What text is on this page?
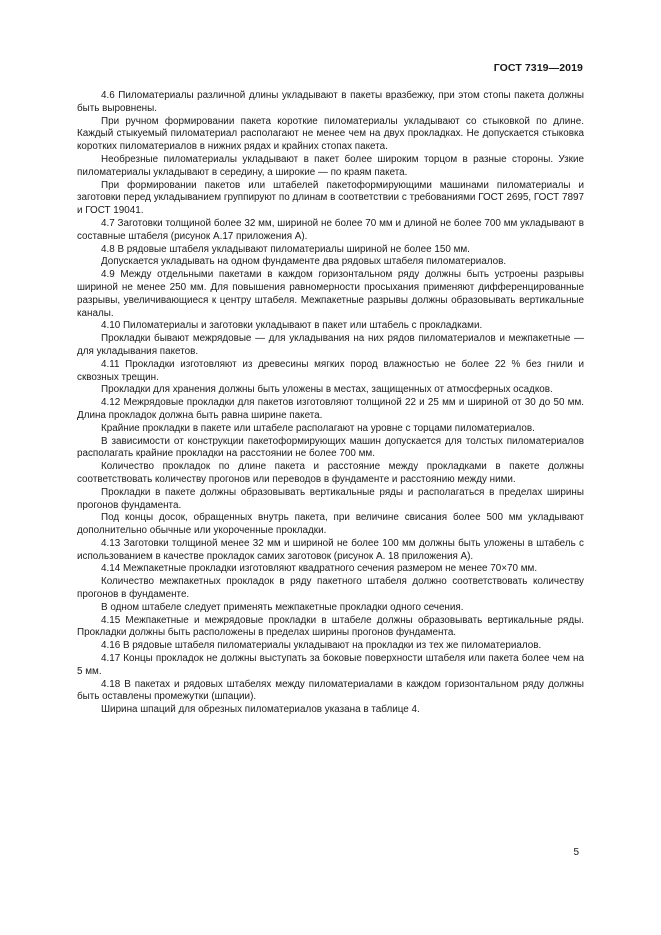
ГОСТ 7319—2019

4.6 Пиломатериалы различной длины укладывают в пакеты вразбежку, при этом стопы пакета должны быть выровнены.

При ручном формировании пакета короткие пиломатериалы укладывают со стыковкой по длине. Каждый стыкуемый пиломатериал располагают не менее чем на двух прокладках. Не допускается стыковка коротких пиломатериалов в нижних рядах и крайних стопах пакета.

Необрезные пиломатериалы укладывают в пакет более широким торцом в разные стороны. Узкие пиломатериалы укладывают в середину, а широкие — по краям пакета.

При формировании пакетов или штабелей пакетоформирующими машинами пиломатериалы и заготовки перед укладыванием группируют по длинам в соответствии с требованиями ГОСТ 2695, ГОСТ 7897 и ГОСТ 19041.

4.7 Заготовки толщиной более 32 мм, шириной не более 70 мм и длиной не более 700 мм укладывают в составные штабеля (рисунок А.17 приложения А).

4.8 В рядовые штабеля укладывают пиломатериалы шириной не более 150 мм.

Допускается укладывать на одном фундаменте два рядовых штабеля пиломатериалов.

4.9 Между отдельными пакетами в каждом горизонтальном ряду должны быть устроены разрывы шириной не менее 250 мм. Для повышения равномерности просыхания применяют дифференцированные разрывы, увеличивающиеся к центру штабеля. Межпакетные разрывы должны образовывать вертикальные каналы.

4.10 Пиломатериалы и заготовки укладывают в пакет или штабель с прокладками.

Прокладки бывают межрядовые — для укладывания на них рядов пиломатериалов и межпакетные — для укладывания пакетов.

4.11 Прокладки изготовляют из древесины мягких пород влажностью не более 22 % без гнили и сквозных трещин.

Прокладки для хранения должны быть уложены в местах, защищенных от атмосферных осадков.

4.12 Межрядовые прокладки для пакетов изготовляют толщиной 22 и 25 мм и шириной от 30 до 50 мм. Длина прокладок должна быть равна ширине пакета.

Крайние прокладки в пакете или штабеле располагают на уровне с торцами пиломатериалов.

В зависимости от конструкции пакетоформирующих машин допускается для толстых пиломатериалов располагать крайние прокладки на расстоянии не более 700 мм.

Количество прокладок по длине пакета и расстояние между прокладками в пакете должны соответствовать количеству прогонов или переводов в фундаменте и расстоянию между ними.

Прокладки в пакете должны образовывать вертикальные ряды и располагаться в пределах ширины прогонов фундамента.

Под концы досок, обращенных внутрь пакета, при величине свисания более 500 мм укладывают дополнительно обычные или укороченные прокладки.

4.13 Заготовки толщиной менее 32 мм и шириной не более 100 мм должны быть уложены в штабель с использованием в качестве прокладок самих заготовок (рисунок А. 18 приложения А).

4.14 Межпакетные прокладки изготовляют квадратного сечения размером не менее 70×70 мм.

Количество межпакетных прокладок в ряду пакетного штабеля должно соответствовать количеству прогонов в фундаменте.

В одном штабеле следует применять межпакетные прокладки одного сечения.

4.15 Межпакетные и межрядовые прокладки в штабеле должны образовывать вертикальные ряды. Прокладки должны быть расположены в пределах ширины прогонов фундамента.

4.16 В рядовые штабеля пиломатериалы укладывают на прокладки из тех же пиломатериалов.

4.17 Концы прокладок не должны выступать за боковые поверхности штабеля или пакета более чем на 5 мм.

4.18 В пакетах и рядовых штабелях между пиломатериалами в каждом горизонтальном ряду должны быть оставлены промежутки (шпации).

Ширина шпаций для обрезных пиломатериалов указана в таблице 4.

5
